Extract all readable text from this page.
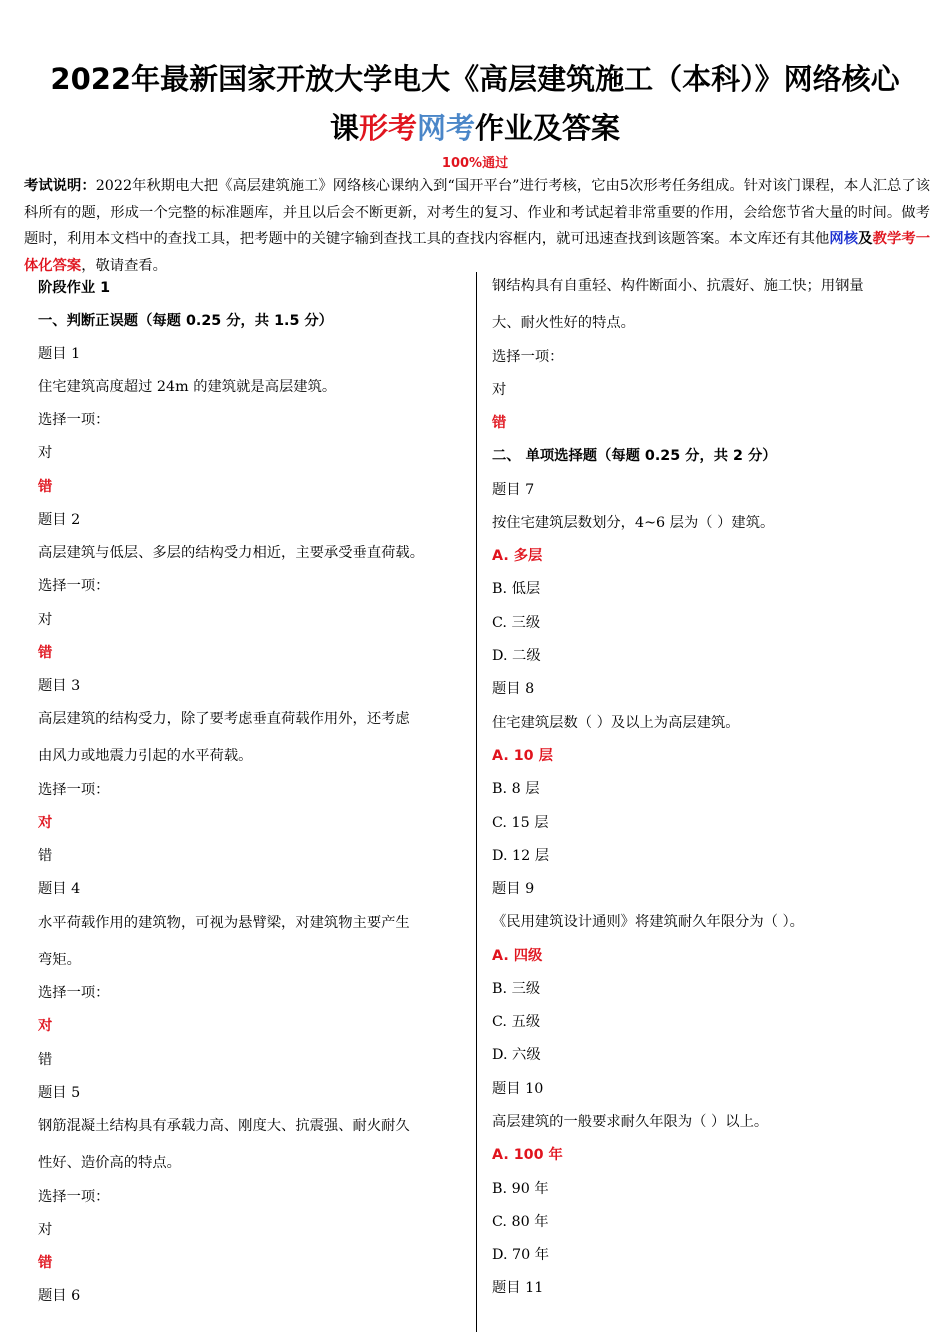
2022年最新国家开放大学电大《高层建筑施工（本科）》网络核心
课形考网考作业及答案
100%通过
考试说明：2022年秋期电大把《高层建筑施工》网络核心课纳入到“国开平台”进行考核，它由5次形考任务组成。针对该门课程，本人汇总了该科所有的题，形成一个完整的标准题库，并且以后会不断更新，对考生的复习、作业和考试起着非常重要的作用，会给您节省大量的时间。做考题时，利用本文档中的查找工具，把考题中的关键字输到查找工具的查找内容框内，就可迅速查找到该题答案。本文库还有其他网核及教学考一体化答案，敬请查看。
阶段作业 1
一、判断正误题（每题 0.25 分，共 1.5 分）
题目 1
住宅建筑高度超过 24m 的建筑就是高层建筑。
选择一项：
对
错
题目 2
高层建筑与低层、多层的结构受力相近，主要承受垂直荷载。
选择一项：
对
错
题目 3
高层建筑的结构受力，除了要考虑垂直荷载作用外，还考虑
由风力或地震力引起的水平荷载。
选择一项：
对
错
题目 4
水平荷载作用的建筑物，可视为悬臂梁，对建筑物主要产生
弯矩。
选择一项：
对
错
题目 5
钢筋混凝土结构具有承载力高、刚度大、抗震强、耐火耐久
性好、造价高的特点。
选择一项：
对
错
题目 6
钢结构具有自重轻、构件断面小、抗震好、施工快；用钢量
大、耐火性好的特点。
选择一项：
对
错
二、 单项选择题（每题 0.25 分，共 2 分）
题目 7
按住宅建筑层数划分，4~6 层为（ ）建筑。
A. 多层
B. 低层
C. 三级
D. 二级
题目 8
住宅建筑层数（ ）及以上为高层建筑。
A. 10 层
B. 8 层
C. 15 层
D. 12 层
题目 9
《民用建筑设计通则》将建筑耐久年限分为（ ）。
A. 四级
B. 三级
C. 五级
D. 六级
题目 10
高层建筑的一般要求耐久年限为（ ）以上。
A. 100 年
B. 90 年
C. 80 年
D. 70 年
题目 11
